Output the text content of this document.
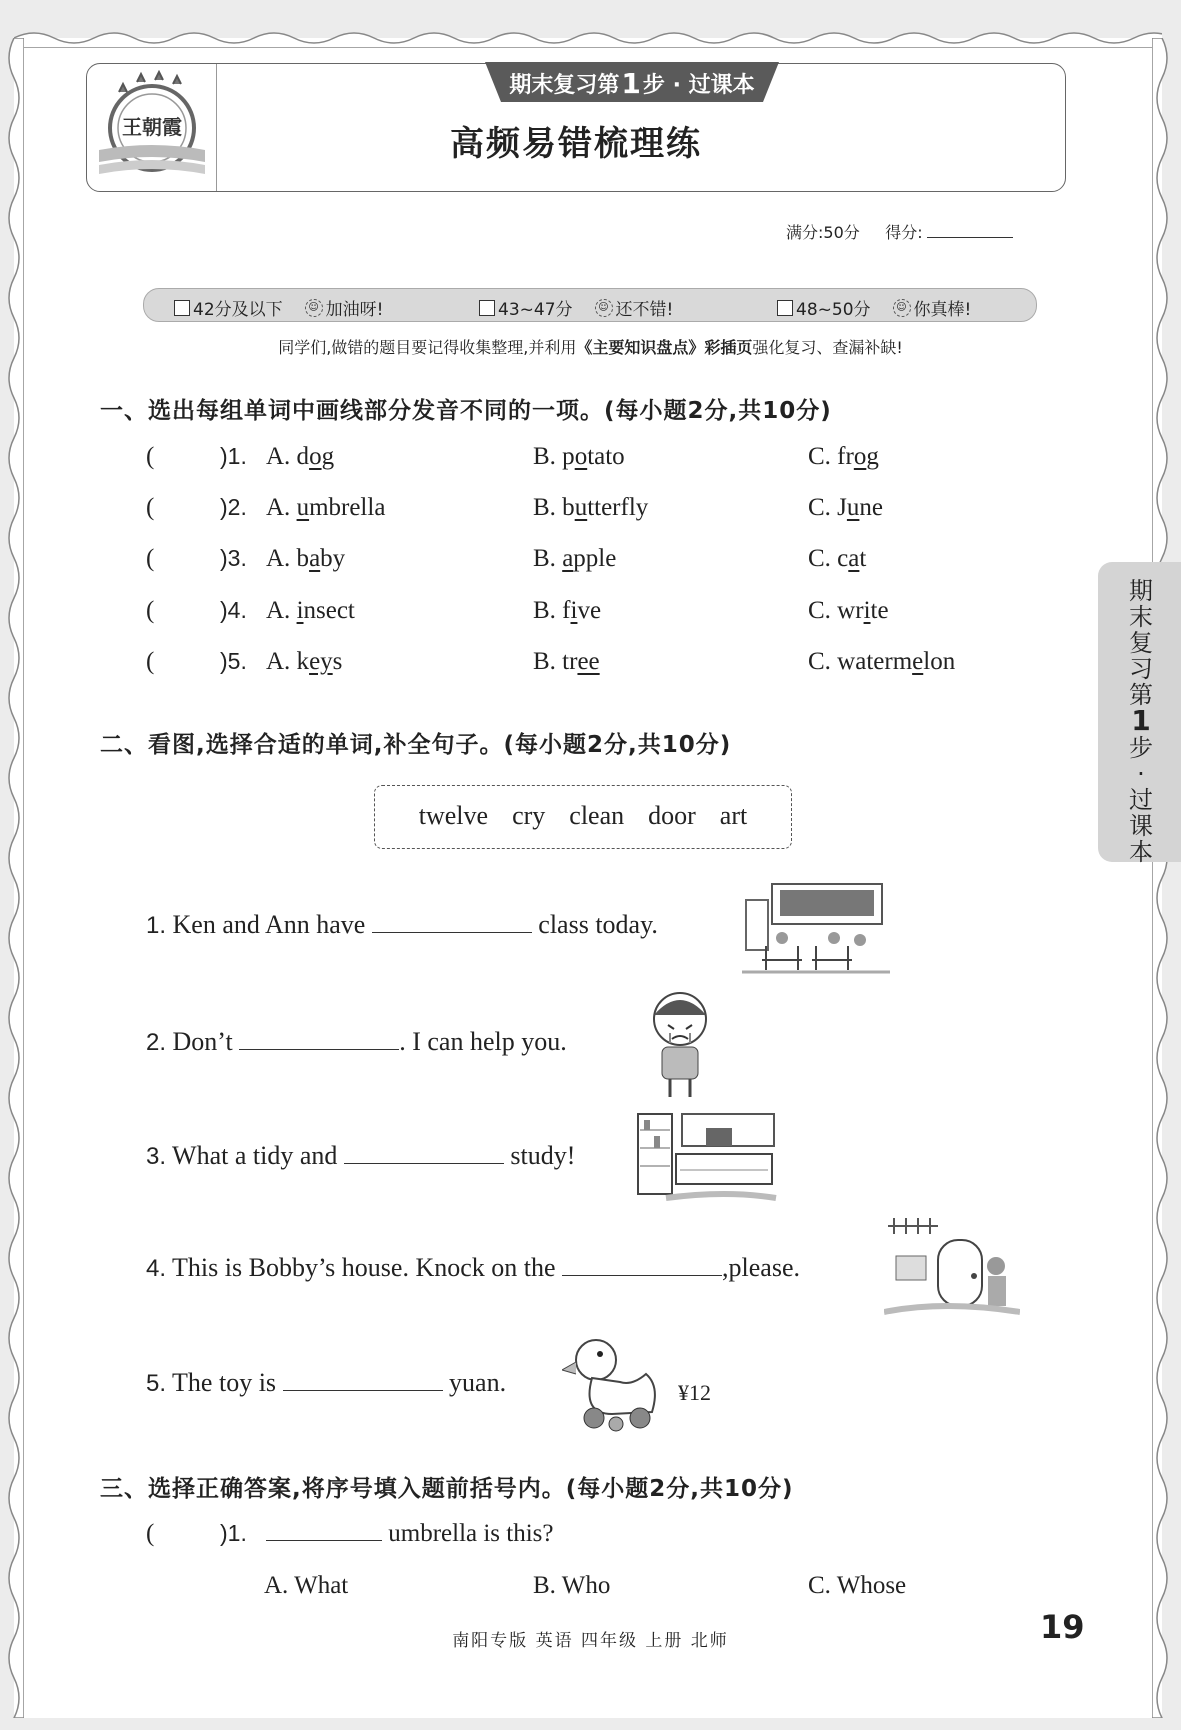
王朝霞
期末复习第 1 步 · 过课本
高频易错梳理练
满分:50分 得分:
42分及以下	☺ 加油呀!	43~47分	☺ 还不错!	48~50分	☺ 你真棒!
同学们,做错的题目要记得收集整理,并利用《主要知识盘点》彩插页强化复习、查漏补缺!
一、选出每组单词中画线部分发音不同的一项。(每小题2分,共10分)
(	)1. A. dog	B. potato	C. frog
(	)2. A. umbrella	B. butterfly	C. June
(	)3. A. baby	B. apple	C. cat
(	)4. A. insect	B. five	C. write
(	)5. A. keys	B. tree	C. watermelon
二、看图,选择合适的单词,补全句子。(每小题2分,共10分)
twelve cry clean door art
1. Ken and Ann have	class today.
2. Don’t	. I can help you.
3. What a tidy and	study!
4. This is Bobby’s house. Knock on the	,please.
5. The toy is	yuan.	¥12
三、选择正确答案,将序号填入题前括号内。(每小题2分,共10分)
(	)1.	umbrella is this?
A. What	B. Who	C. Whose
南阳专版 英语 四年级 上册 北师	19
期
末
复
习
第
1
步
·
过
课
本
